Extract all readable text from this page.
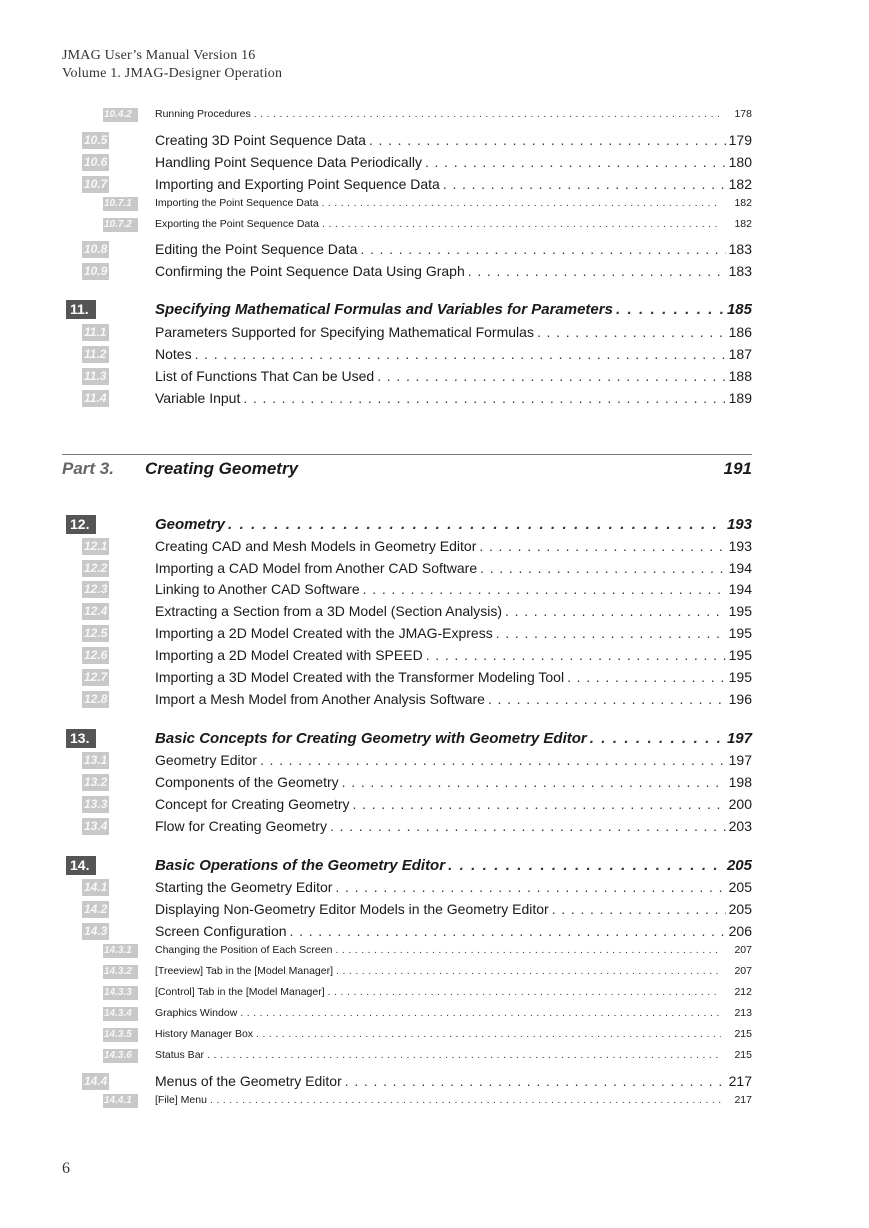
JMAG User’s Manual Version 16
Volume 1. JMAG-Designer Operation
10.4.2	Running Procedures . . .	178
10.5	Creating 3D Point Sequence Data . . .	179
10.6	Handling Point Sequence Data Periodically . . .	180
10.7	Importing and Exporting Point Sequence Data . . .	182
10.7.1	Importing the Point Sequence Data . . .	182
10.7.2	Exporting the Point Sequence Data . . .	182
10.8	Editing the Point Sequence Data . . .	183
10.9	Confirming the Point Sequence Data Using Graph . . .	183
11.	Specifying Mathematical Formulas and Variables for Parameters . . .	185
11.1	Parameters Supported for Specifying Mathematical Formulas . . .	186
11.2	Notes . . .	187
11.3	List of Functions That Can be Used . . .	188
11.4	Variable Input . . .	189
Part 3. Creating Geometry	191
12.	Geometry . . .	193
12.1	Creating CAD and Mesh Models in Geometry Editor . . .	193
12.2	Importing a CAD Model from Another CAD Software . . .	194
12.3	Linking to Another CAD Software . . .	194
12.4	Extracting a Section from a 3D Model (Section Analysis) . . .	195
12.5	Importing a 2D Model Created with the JMAG-Express . . .	195
12.6	Importing a 2D Model Created with SPEED . . .	195
12.7	Importing a 3D Model Created with the Transformer Modeling Tool . . .	195
12.8	Import a Mesh Model from Another Analysis Software . . .	196
13.	Basic Concepts for Creating Geometry with Geometry Editor . . .	197
13.1	Geometry Editor . . .	197
13.2	Components of the Geometry . . .	198
13.3	Concept for Creating Geometry . . .	200
13.4	Flow for Creating Geometry . . .	203
14.	Basic Operations of the Geometry Editor . . .	205
14.1	Starting the Geometry Editor . . .	205
14.2	Displaying Non-Geometry Editor Models in the Geometry Editor . . .	205
14.3	Screen Configuration . . .	206
14.3.1	Changing the Position of Each Screen . . .	207
14.3.2	[Treeview] Tab in the [Model Manager] . . .	207
14.3.3	[Control] Tab in the [Model Manager] . . .	212
14.3.4	Graphics Window . . .	213
14.3.5	History Manager Box . . .	215
14.3.6	Status Bar . . .	215
14.4	Menus of the Geometry Editor . . .	217
14.4.1	[File] Menu . . .	217
6
